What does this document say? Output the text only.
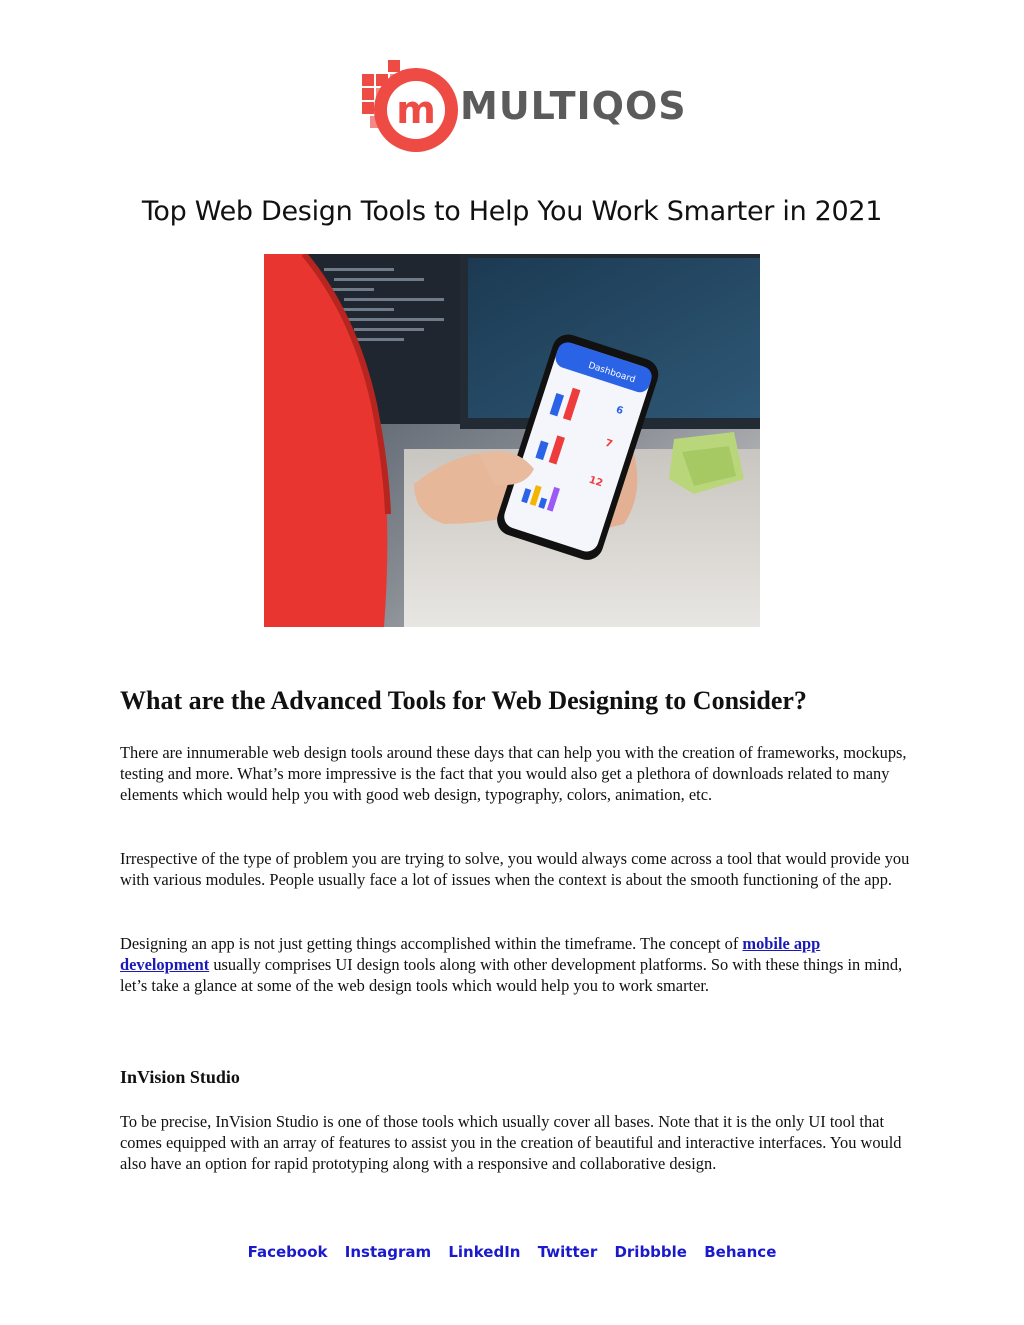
m MULTIQOS
Top Web Design Tools to Help You Work Smarter in 2021
Dashboard
6
7
12
What are the Advanced Tools for Web Designing to Consider?
There are innumerable web design tools around these days that can help you with the creation of frameworks, mockups, testing and more. What’s more impressive is the fact that you would also get a plethora of downloads related to many elements which would help you with good web design, typography, colors, animation, etc.
Irrespective of the type of problem you are trying to solve, you would always come across a tool that would provide you with various modules. People usually face a lot of issues when the context is about the smooth functioning of the app.
Designing an app is not just getting things accomplished within the timeframe. The concept of mobile app development usually comprises UI design tools along with other development platforms. So with these things in mind, let’s take a glance at some of the web design tools which would help you to work smarter.
InVision Studio
To be precise, InVision Studio is one of those tools which usually cover all bases. Note that it is the only UI tool that comes equipped with an array of features to assist you in the creation of beautiful and interactive interfaces. You would also have an option for rapid prototyping along with a responsive and collaborative design.
Facebook Instagram LinkedIn Twitter Dribbble Behance
